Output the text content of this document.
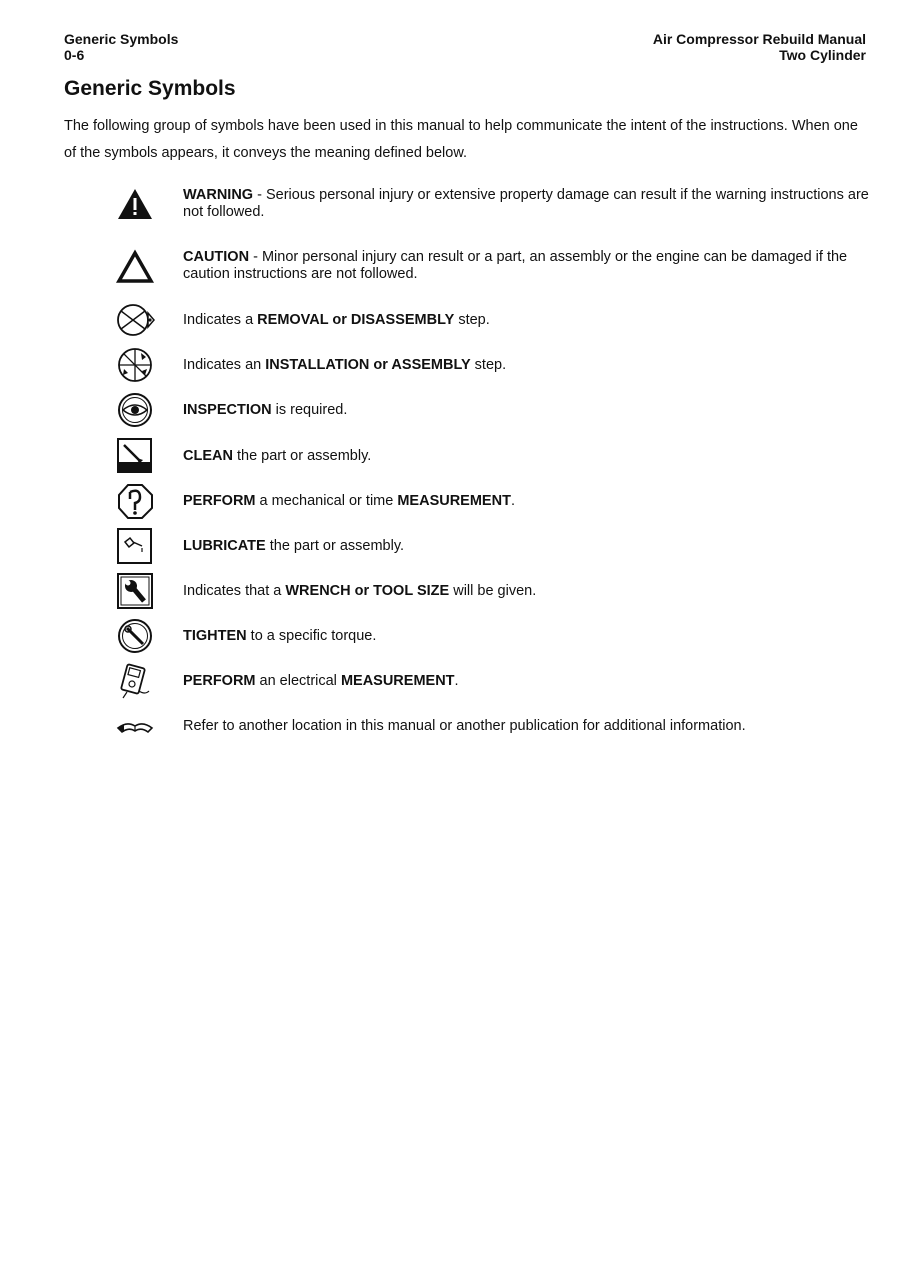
Generic Symbols
0-6
Air Compressor Rebuild Manual
Two Cylinder
Generic Symbols

The following group of symbols have been used in this manual to help communicate the intent of the instructions. When one of the symbols appears, it conveys the meaning defined below.

WARNING - Serious personal injury or extensive property damage can result if the warning instructions are not followed.
CAUTION - Minor personal injury can result or a part, an assembly or the engine can be damaged if the caution instructions are not followed.
Indicates a REMOVAL or DISASSEMBLY step.
Indicates an INSTALLATION or ASSEMBLY step.
INSPECTION is required.
CLEAN the part or assembly.
PERFORM a mechanical or time MEASUREMENT.
LUBRICATE the part or assembly.
Indicates that a WRENCH or TOOL SIZE will be given.
TIGHTEN to a specific torque.
PERFORM an electrical MEASUREMENT.
Refer to another location in this manual or another publication for additional information.
